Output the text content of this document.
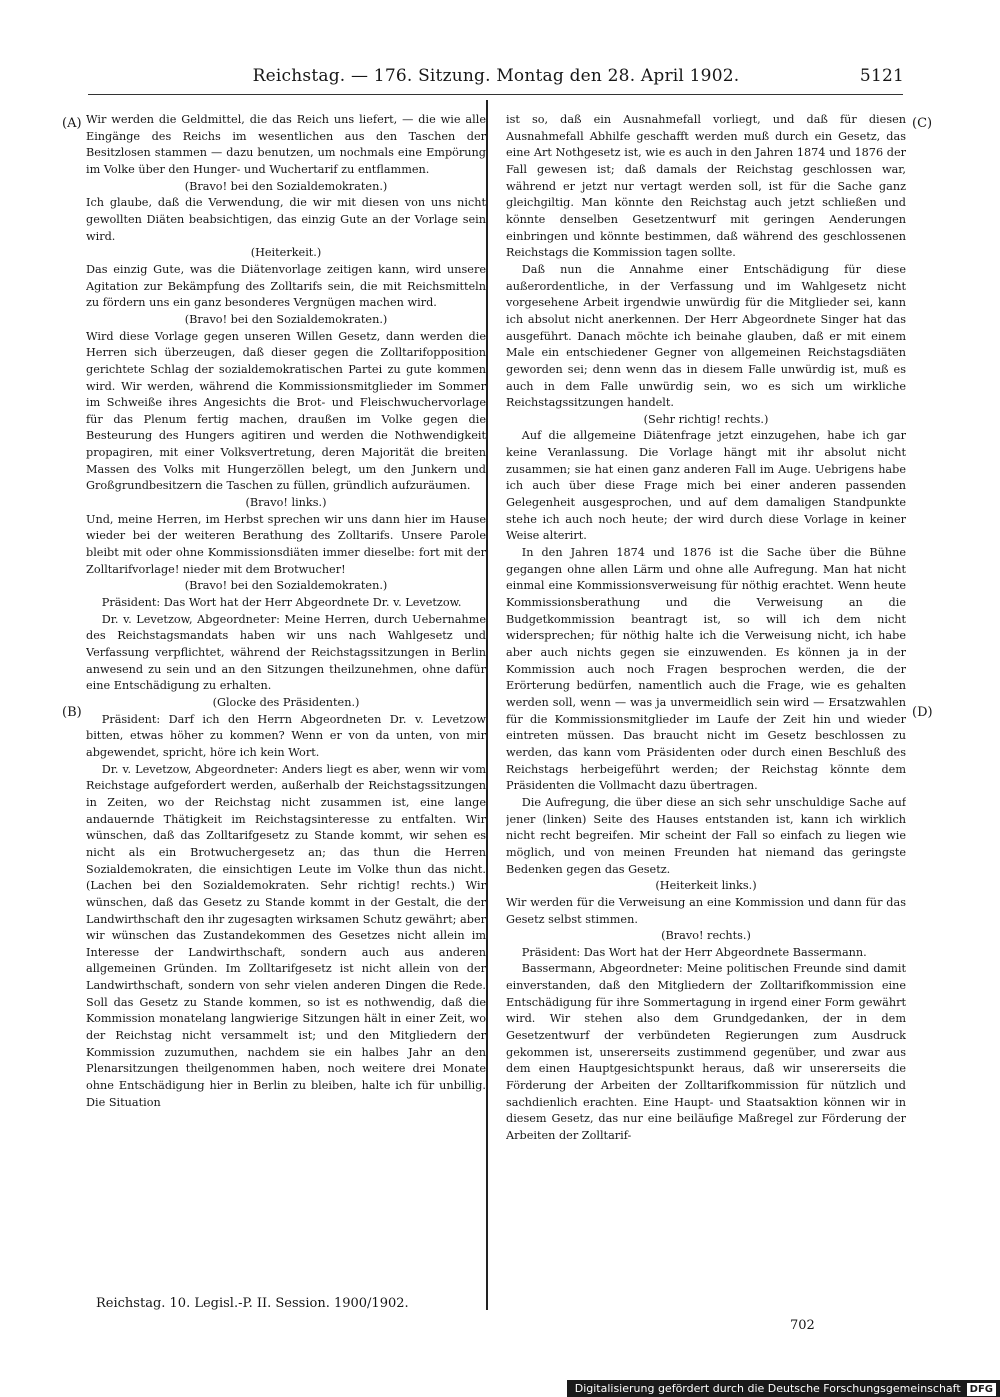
Reichstag. — 176. Sitzung. Montag den 28. April 1902.	5121
(A)
(B)
(C)
(D)

Wir werden die Geldmittel, die das Reich uns liefert, — die wie alle Eingänge des Reichs im wesentlichen aus den Taschen der Besitzlosen stammen — dazu benutzen, um nochmals eine Empörung im Volke über den Hunger- und Wuchertarif zu entflammen.

(Bravo! bei den Sozialdemokraten.)

Ich glaube, daß die Verwendung, die wir mit diesen von uns nicht gewollten Diäten beabsichtigen, das einzig Gute an der Vorlage sein wird.

(Heiterkeit.)

Das einzig Gute, was die Diätenvorlage zeitigen kann, wird unsere Agitation zur Bekämpfung des Zolltarifs sein, die mit Reichsmitteln zu fördern uns ein ganz besonderes Vergnügen machen wird.

(Bravo! bei den Sozialdemokraten.)

Wird diese Vorlage gegen unseren Willen Gesetz, dann werden die Herren sich überzeugen, daß dieser gegen die Zolltarifopposition gerichtete Schlag der sozialdemokratischen Partei zu gute kommen wird. Wir werden, während die Kommissionsmitglieder im Sommer im Schweiße ihres Angesichts die Brot- und Fleischwuchervorlage für das Plenum fertig machen, draußen im Volke gegen die Besteurung des Hungers agitiren und werden die Nothwendigkeit propagiren, mit einer Volksvertretung, deren Majorität die breiten Massen des Volks mit Hungerzöllen belegt, um den Junkern und Großgrundbesitzern die Taschen zu füllen, gründlich aufzuräumen.

(Bravo! links.)

Und, meine Herren, im Herbst sprechen wir uns dann hier im Hause wieder bei der weiteren Berathung des Zolltarifs. Unsere Parole bleibt mit oder ohne Kommissionsdiäten immer dieselbe: fort mit der Zolltarifvorlage! nieder mit dem Brotwucher!

(Bravo! bei den Sozialdemokraten.)

Präsident: Das Wort hat der Herr Abgeordnete Dr. v. Levetzow.

Dr. v. Levetzow, Abgeordneter: Meine Herren, durch Uebernahme des Reichstagsmandats haben wir uns nach Wahlgesetz und Verfassung verpflichtet, während der Reichstagssitzungen in Berlin anwesend zu sein und an den Sitzungen theilzunehmen, ohne dafür eine Entschädigung zu erhalten.

(Glocke des Präsidenten.)

Präsident: Darf ich den Herrn Abgeordneten Dr. v. Levetzow bitten, etwas höher zu kommen? Wenn er von da unten, von mir abgewendet, spricht, höre ich kein Wort.

Dr. v. Levetzow, Abgeordneter: Anders liegt es aber, wenn wir vom Reichstage aufgefordert werden, außerhalb der Reichstagssitzungen in Zeiten, wo der Reichstag nicht zusammen ist, eine lange andauernde Thätigkeit im Reichstagsinteresse zu entfalten. Wir wünschen, daß das Zolltarifgesetz zu Stande kommt, wir sehen es nicht als ein Brotwuchergesetz an; das thun die Herren Sozialdemokraten, die einsichtigen Leute im Volke thun das nicht. (Lachen bei den Sozialdemokraten. Sehr richtig! rechts.) Wir wünschen, daß das Gesetz zu Stande kommt in der Gestalt, die der Landwirthschaft den ihr zugesagten wirksamen Schutz gewährt; aber wir wünschen das Zustandekommen des Gesetzes nicht allein im Interesse der Landwirthschaft, sondern auch aus anderen allgemeinen Gründen. Im Zolltarifgesetz ist nicht allein von der Landwirthschaft, sondern von sehr vielen anderen Dingen die Rede. Soll das Gesetz zu Stande kommen, so ist es nothwendig, daß die Kommission monatelang langwierige Sitzungen hält in einer Zeit, wo der Reichstag nicht versammelt ist; und den Mitgliedern der Kommission zuzumuthen, nachdem sie ein halbes Jahr an den Plenarsitzungen theilgenommen haben, noch weitere drei Monate ohne Entschädigung hier in Berlin zu bleiben, halte ich für unbillig. Die Situation

ist so, daß ein Ausnahmefall vorliegt, und daß für diesen Ausnahmefall Abhilfe geschafft werden muß durch ein Gesetz, das eine Art Nothgesetz ist, wie es auch in den Jahren 1874 und 1876 der Fall gewesen ist; daß damals der Reichstag geschlossen war, während er jetzt nur vertagt werden soll, ist für die Sache ganz gleichgiltig. Man könnte den Reichstag auch jetzt schließen und könnte denselben Gesetzentwurf mit geringen Aenderungen einbringen und könnte bestimmen, daß während des geschlossenen Reichstags die Kommission tagen sollte.

Daß nun die Annahme einer Entschädigung für diese außerordentliche, in der Verfassung und im Wahlgesetz nicht vorgesehene Arbeit irgendwie unwürdig für die Mitglieder sei, kann ich absolut nicht anerkennen. Der Herr Abgeordnete Singer hat das ausgeführt. Danach möchte ich beinahe glauben, daß er mit einem Male ein entschiedener Gegner von allgemeinen Reichstagsdiäten geworden sei; denn wenn das in diesem Falle unwürdig ist, muß es auch in dem Falle unwürdig sein, wo es sich um wirkliche Reichstagssitzungen handelt.

(Sehr richtig! rechts.)

Auf die allgemeine Diätenfrage jetzt einzugehen, habe ich gar keine Veranlassung. Die Vorlage hängt mit ihr absolut nicht zusammen; sie hat einen ganz anderen Fall im Auge. Uebrigens habe ich auch über diese Frage mich bei einer anderen passenden Gelegenheit ausgesprochen, und auf dem damaligen Standpunkte stehe ich auch noch heute; der wird durch diese Vorlage in keiner Weise alterirt.

In den Jahren 1874 und 1876 ist die Sache über die Bühne gegangen ohne allen Lärm und ohne alle Aufregung. Man hat nicht einmal eine Kommissionsverweisung für nöthig erachtet. Wenn heute Kommissionsberathung und die Verweisung an die Budgetkommission beantragt ist, so will ich dem nicht widersprechen; für nöthig halte ich die Verweisung nicht, ich habe aber auch nichts gegen sie einzuwenden. Es können ja in der Kommission auch noch Fragen besprochen werden, die der Erörterung bedürfen, namentlich auch die Frage, wie es gehalten werden soll, wenn — was ja unvermeidlich sein wird — Ersatzwahlen für die Kommissionsmitglieder im Laufe der Zeit hin und wieder eintreten müssen. Das braucht nicht im Gesetz beschlossen zu werden, das kann vom Präsidenten oder durch einen Beschluß des Reichstags herbeigeführt werden; der Reichstag könnte dem Präsidenten die Vollmacht dazu übertragen.

Die Aufregung, die über diese an sich sehr unschuldige Sache auf jener (linken) Seite des Hauses entstanden ist, kann ich wirklich nicht recht begreifen. Mir scheint der Fall so einfach zu liegen wie möglich, und von meinen Freunden hat niemand das geringste Bedenken gegen das Gesetz.

(Heiterkeit links.)

Wir werden für die Verweisung an eine Kommission und dann für das Gesetz selbst stimmen.

(Bravo! rechts.)

Präsident: Das Wort hat der Herr Abgeordnete Bassermann.

Bassermann, Abgeordneter: Meine politischen Freunde sind damit einverstanden, daß den Mitgliedern der Zolltarifkommission eine Entschädigung für ihre Sommertagung in irgend einer Form gewährt wird. Wir stehen also dem Grundgedanken, der in dem Gesetzentwurf der verbündeten Regierungen zum Ausdruck gekommen ist, unsererseits zustimmend gegenüber, und zwar aus dem einen Hauptgesichtspunkt heraus, daß wir unsererseits die Förderung der Arbeiten der Zolltarifkommission für nützlich und sachdienlich erachten. Eine Haupt- und Staatsaktion können wir in diesem Gesetz, das nur eine beiläufige Maßregel zur Förderung der Arbeiten der Zolltarif-

Reichstag. 10. Legisl.-P. II. Session. 1900/1902.
702
Digitalisierung gefördert durch die Deutsche Forschungsgemeinschaft DFG
